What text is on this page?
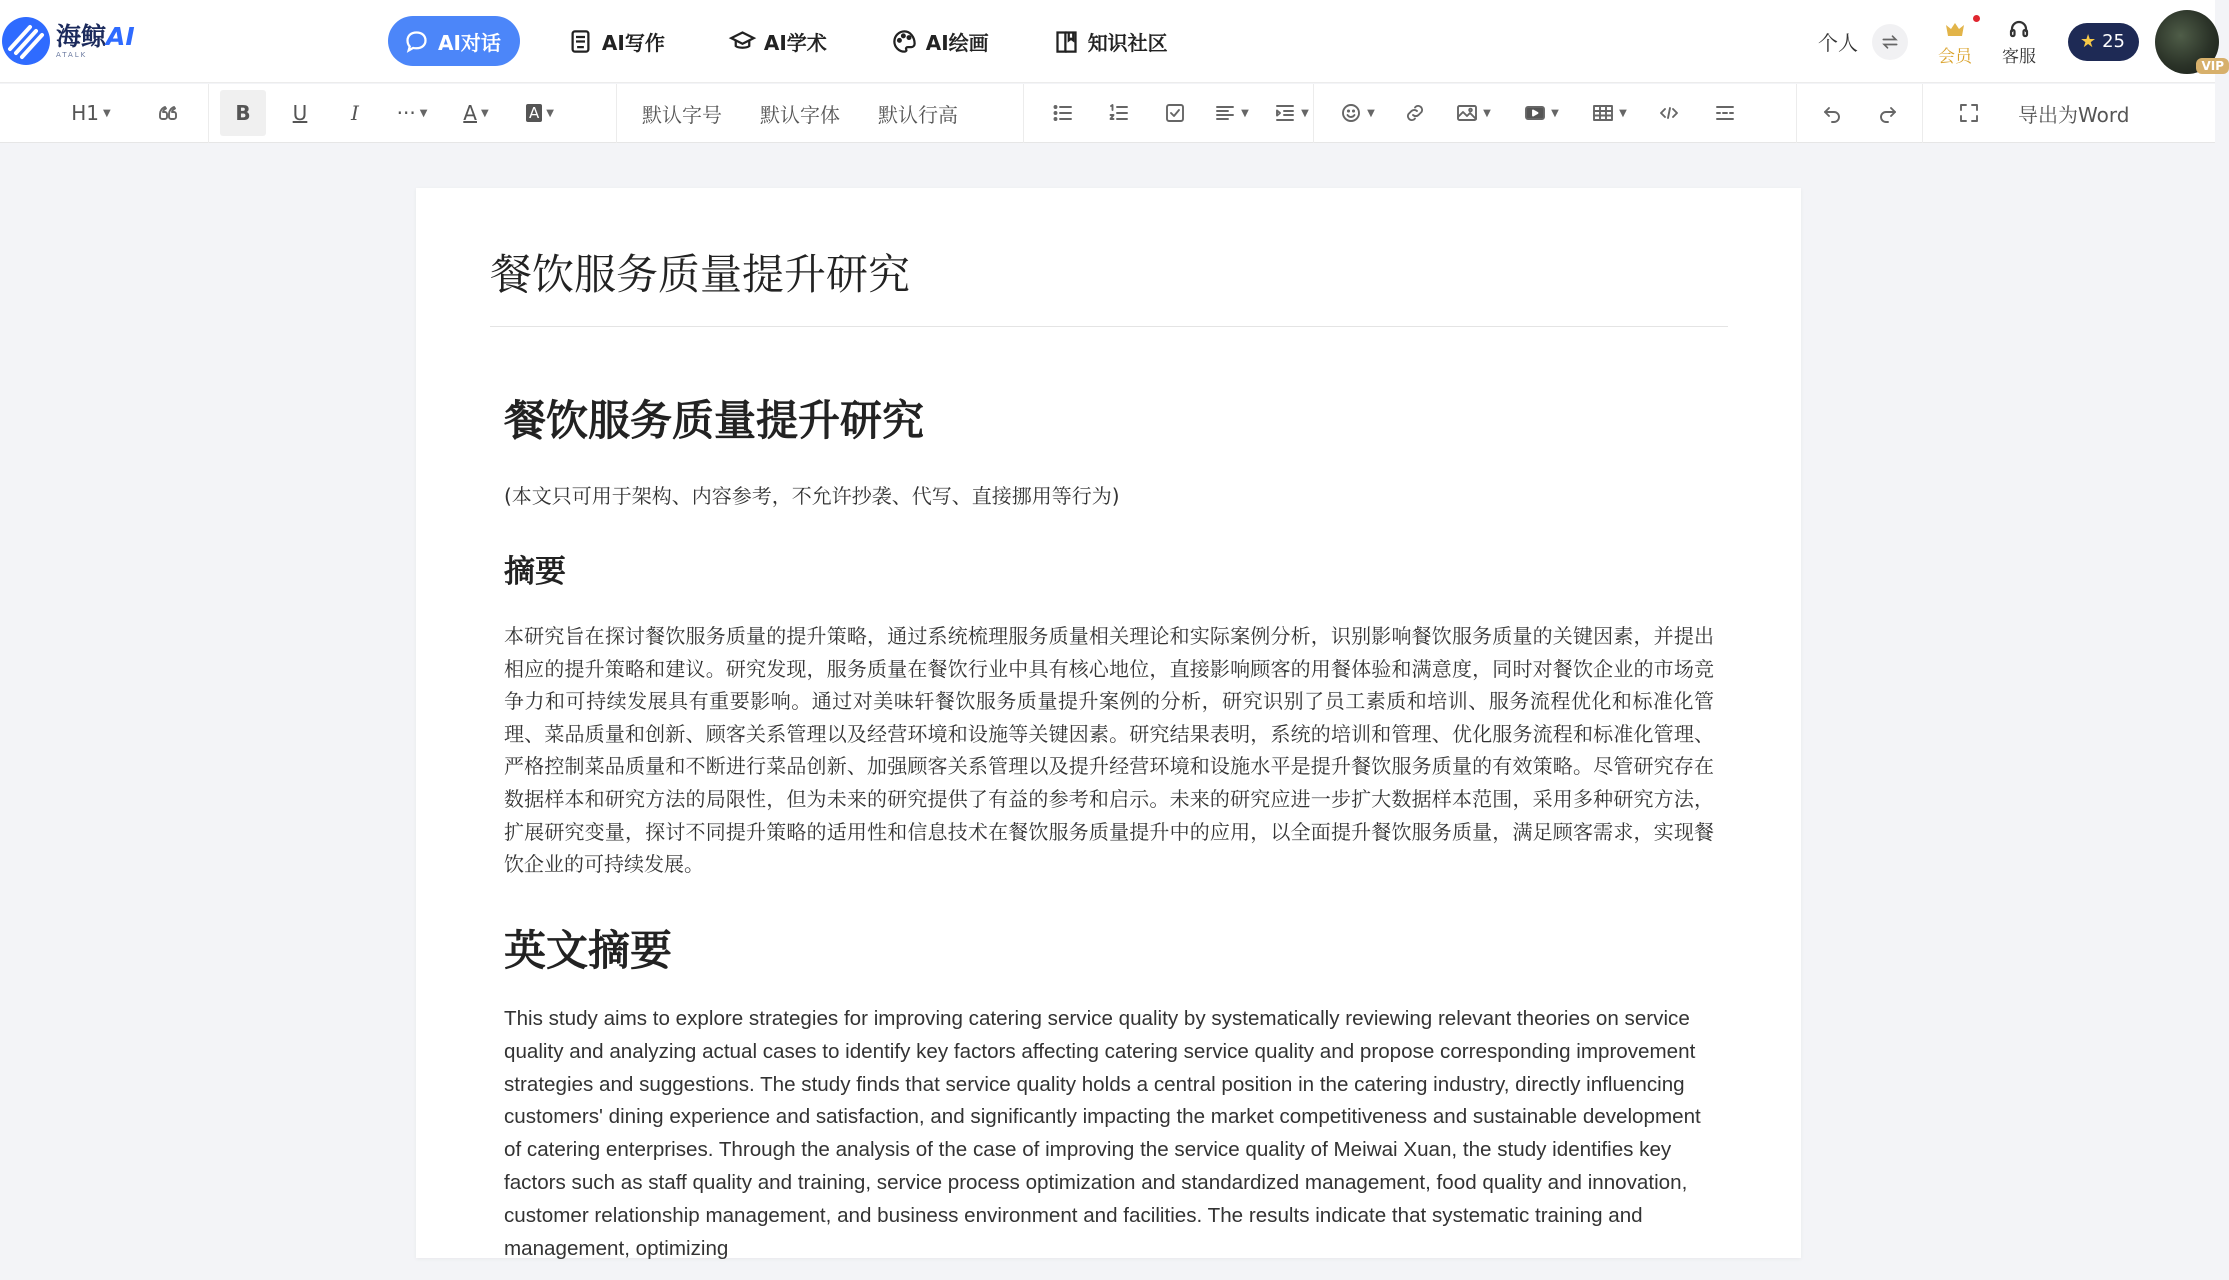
海鲸AI
ATALK	AI对话	AI写作	AI学术	AI绘画	知识社区	个人
会员 客服
★ 25
VIP
H1 ▼	B U I ··· ▼ A ▼	A ▼	默认字号 默认字体 默认行高	▼	▼	▼	▼	▼	▼	导出为Word
餐饮服务质量提升研究
餐饮服务质量提升研究
(本文只可用于架构、内容参考，不允许抄袭、代写、直接挪用等行为)
摘要
本研究旨在探讨餐饮服务质量的提升策略，通过系统梳理服务质量相关理论和实际案例分析，识别影响餐饮服务质量的关键因素，并提出相应的提升策略和建议。研究发现，服务质量在餐饮行业中具有核心地位，直接影响顾客的用餐体验和满意度，同时对餐饮企业的市场竞争力和可持续发展具有重要影响。通过对美味轩餐饮服务质量提升案例的分析，研究识别了员工素质和培训、服务流程优化和标准化管理、菜品质量和创新、顾客关系管理以及经营环境和设施等关键因素。研究结果表明，系统的培训和管理、优化服务流程和标准化管理、严格控制菜品质量和不断进行菜品创新、加强顾客关系管理以及提升经营环境和设施水平是提升餐饮服务质量的有效策略。尽管研究存在数据样本和研究方法的局限性，但为未来的研究提供了有益的参考和启示。未来的研究应进一步扩大数据样本范围，采用多种研究方法，扩展研究变量，探讨不同提升策略的适用性和信息技术在餐饮服务质量提升中的应用，以全面提升餐饮服务质量，满足顾客需求，实现餐饮企业的可持续发展。
英文摘要
This study aims to explore strategies for improving catering service quality by systematically reviewing relevant theories on service quality and analyzing actual cases to identify key factors affecting catering service quality and propose corresponding improvement strategies and suggestions. The study finds that service quality holds a central position in the catering industry, directly influencing customers' dining experience and satisfaction, and significantly impacting the market competitiveness and sustainable development of catering enterprises. Through the analysis of the case of improving the service quality of Meiwai Xuan, the study identifies key factors such as staff quality and training, service process optimization and standardized management, food quality and innovation, customer relationship management, and business environment and facilities. The results indicate that systematic training and management, optimizing
